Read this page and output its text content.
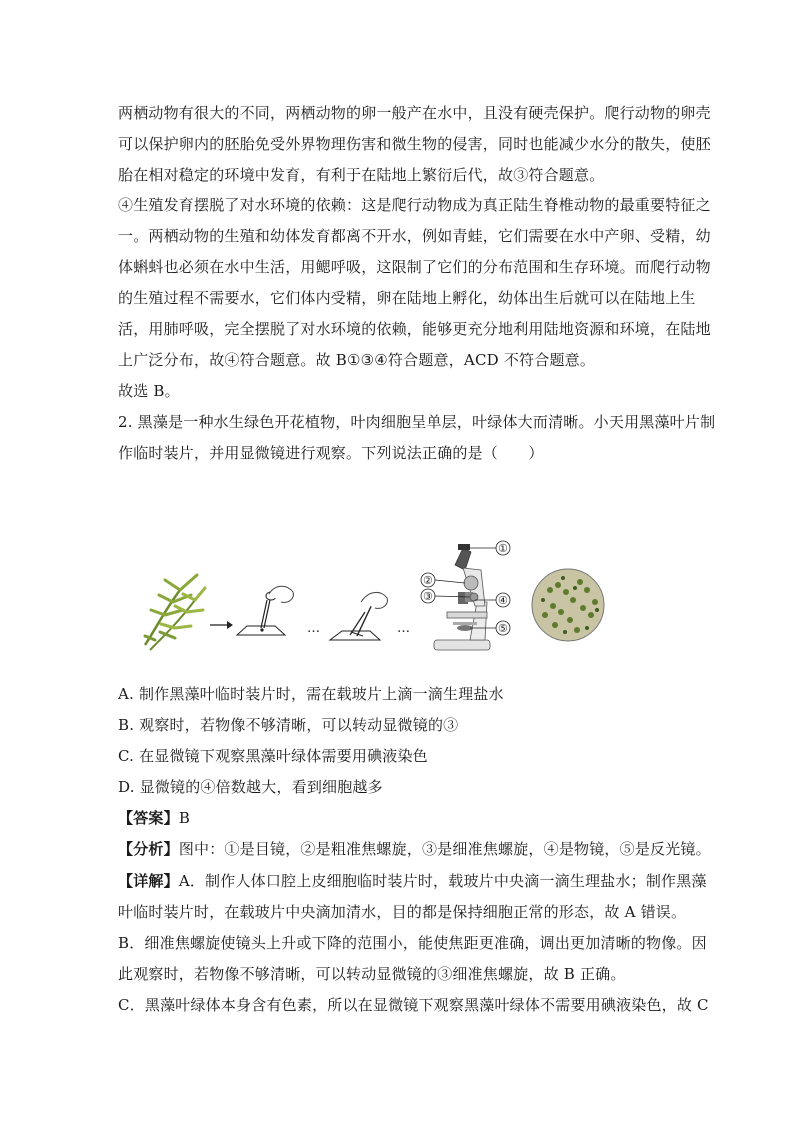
两栖动物有很大的不同，两栖动物的卵一般产在水中，且没有硬壳保护。爬行动物的卵壳
可以保护卵内的胚胎免受外界物理伤害和微生物的侵害，同时也能减少水分的散失，使胚
胎在相对稳定的环境中发育，有利于在陆地上繁衍后代，故③符合题意。
④生殖发育摆脱了对水环境的依赖：这是爬行动物成为真正陆生脊椎动物的最重要特征之
一。两栖动物的生殖和幼体发育都离不开水，例如青蛙，它们需要在水中产卵、受精，幼
体蝌蚪也必须在水中生活，用鳃呼吸，这限制了它们的分布范围和生存环境。而爬行动物
的生殖过程不需要水，它们体内受精，卵在陆地上孵化，幼体出生后就可以在陆地上生
活，用肺呼吸，完全摆脱了对水环境的依赖，能够更充分地利用陆地资源和环境，在陆地
上广泛分布，故④符合题意。故 B①③④符合题意，ACD 不符合题意。
故选 B。
2. 黑藻是一种水生绿色开花植物，叶肉细胞呈单层，叶绿体大而清晰。小天用黑藻叶片制
作临时装片，并用显微镜进行观察。下列说法正确的是（　　）
…	…
①
②
③	④
⑤
A. 制作黑藻叶临时装片时，需在载玻片上滴一滴生理盐水
B. 观察时，若物像不够清晰，可以转动显微镜的③
C. 在显微镜下观察黑藻叶绿体需要用碘液染色
D. 显微镜的④倍数越大，看到细胞越多
【答案】B
【分析】图中：①是目镜，②是粗准焦螺旋，③是细准焦螺旋，④是物镜，⑤是反光镜。
【详解】A．制作人体口腔上皮细胞临时装片时，载玻片中央滴一滴生理盐水；制作黑藻
叶临时装片时，在载玻片中央滴加清水，目的都是保持细胞正常的形态，故 A 错误。
B．细准焦螺旋使镜头上升或下降的范围小，能使焦距更准确，调出更加清晰的物像。因
此观察时，若物像不够清晰，可以转动显微镜的③细准焦螺旋，故 B 正确。
C．黑藻叶绿体本身含有色素，所以在显微镜下观察黑藻叶绿体不需要用碘液染色，故 C
